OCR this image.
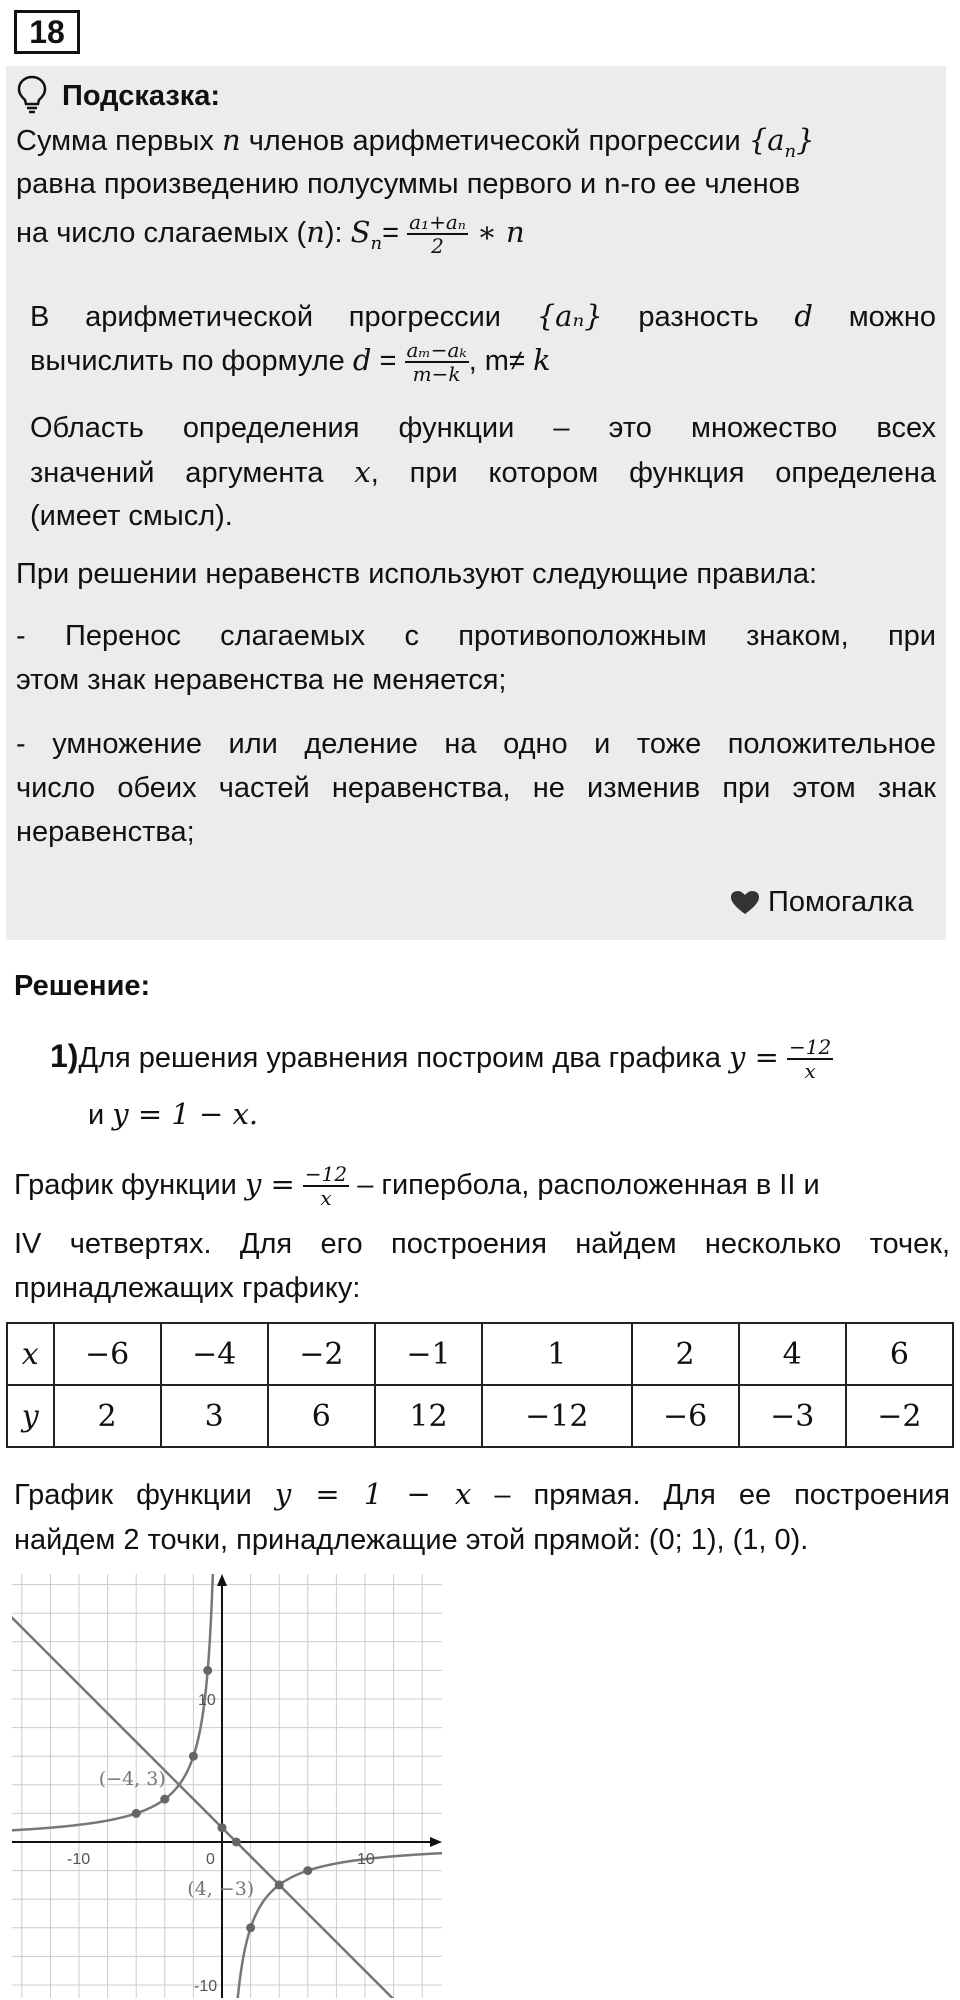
18

Подсказка:

Сумма первых n членов арифметичесокй прогрессии $\{a_n\}$

равна произведению полусуммы первого и n-го ее членов

на число слагаемых (n): $S_n= \frac{\text{a₁+aₙ}}{2}$ ∗ n

В арифметической прогрессии {aₙ} разность d можно

вычислить по формуле $d = \frac{\text{aₘ−aₖ}}{m-k}$ , m≠ k

Область определения функции – это множество всех

значений аргумента x, при котором функция определена

(имеет смысл).

При решении неравенств используют следующие правила:

- Перенос слагаемых с противоположным знаком, при

этом знак неравенства не меняется;

- умножение или деление на одно и тоже положительное

число обеих частей неравенства, не изменив при этом знак

неравенства;

Помогалка

Решение:

1)Для решения уравнения построим два графика $y = \frac{-12}{x}$

и y = 1 − x.

График функции $y = \frac{-12}{x}$ – гипербола, расположенная в II и

IV четвертях. Для его построения найдем несколько точек,

принадлежащих графику:

x	−6	−4	−2	−1	1	2	4	6
y	2	3	6	12	−12	−6	−3	−2

График функции y = 1 − x – прямая. Для ее построения

найдем 2 точки, принадлежащие этой прямой: (0; 1), (1, 0).

-10	0	10
10
-10
(−4, 3)
(4, −3)
